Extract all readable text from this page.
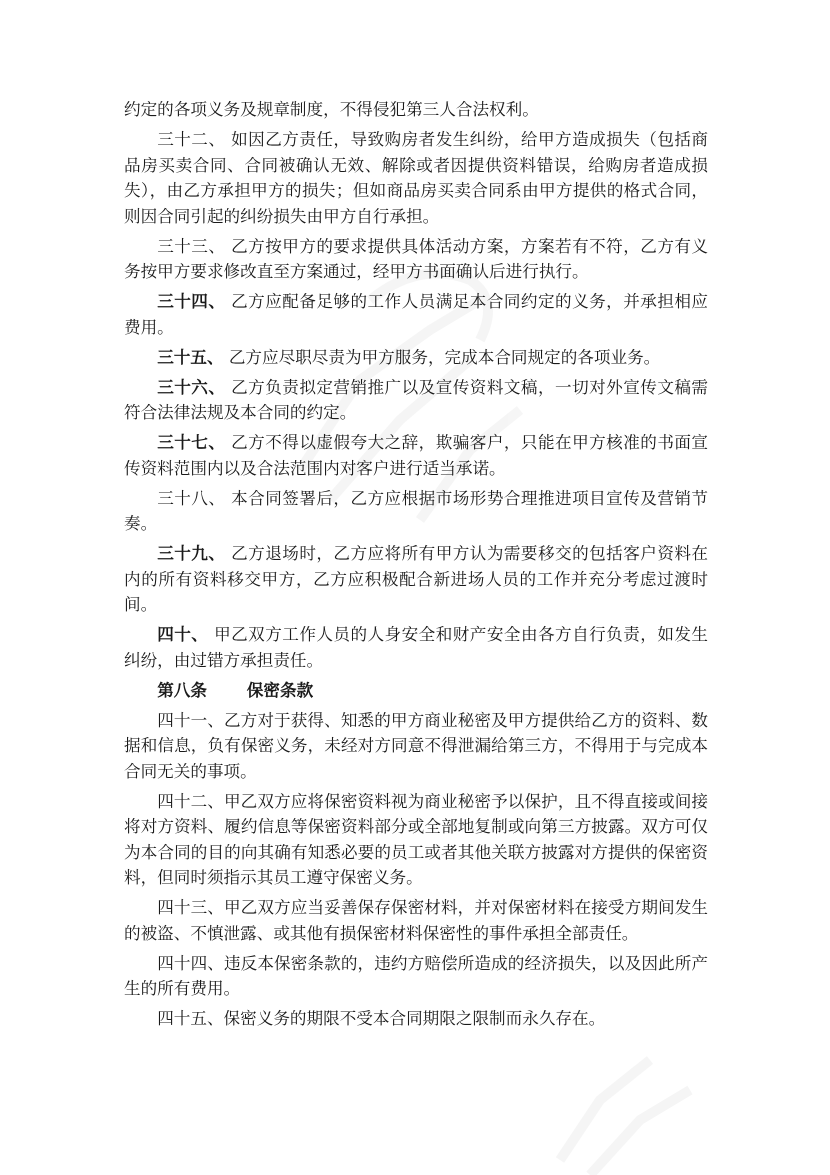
约定的各项义务及规章制度，不得侵犯第三人合法权利。

三十二、 如因乙方责任，导致购房者发生纠纷，给甲方造成损失（包括商品房买卖合同、合同被确认无效、解除或者因提供资料错误，给购房者造成损失），由乙方承担甲方的损失；但如商品房买卖合同系由甲方提供的格式合同，则因合同引起的纠纷损失由甲方自行承担。

三十三、 乙方按甲方的要求提供具体活动方案，方案若有不符，乙方有义务按甲方要求修改直至方案通过，经甲方书面确认后进行执行。

三十四、 乙方应配备足够的工作人员满足本合同约定的义务，并承担相应费用。

三十五、 乙方应尽职尽责为甲方服务，完成本合同规定的各项业务。

三十六、 乙方负责拟定营销推广以及宣传资料文稿，一切对外宣传文稿需符合法律法规及本合同的约定。

三十七、 乙方不得以虚假夸大之辞，欺骗客户，只能在甲方核准的书面宣传资料范围内以及合法范围内对客户进行适当承诺。

三十八、 本合同签署后，乙方应根据市场形势合理推进项目宣传及营销节奏。

三十九、 乙方退场时，乙方应将所有甲方认为需要移交的包括客户资料在内的所有资料移交甲方，乙方应积极配合新进场人员的工作并充分考虑过渡时间。

四十、 甲乙双方工作人员的人身安全和财产安全由各方自行负责，如发生纠纷，由过错方承担责任。

第八条 保密条款

四十一、乙方对于获得、知悉的甲方商业秘密及甲方提供给乙方的资料、数据和信息，负有保密义务，未经对方同意不得泄漏给第三方，不得用于与完成本合同无关的事项。

四十二、甲乙双方应将保密资料视为商业秘密予以保护，且不得直接或间接将对方资料、履约信息等保密资料部分或全部地复制或向第三方披露。双方可仅为本合同的目的向其确有知悉必要的员工或者其他关联方披露对方提供的保密资料，但同时须指示其员工遵守保密义务。

四十三、甲乙双方应当妥善保存保密材料，并对保密材料在接受方期间发生的被盗、不慎泄露、或其他有损保密材料保密性的事件承担全部责任。

四十四、违反本保密条款的，违约方赔偿所造成的经济损失，以及因此所产生的所有费用。

四十五、保密义务的期限不受本合同期限之限制而永久存在。
